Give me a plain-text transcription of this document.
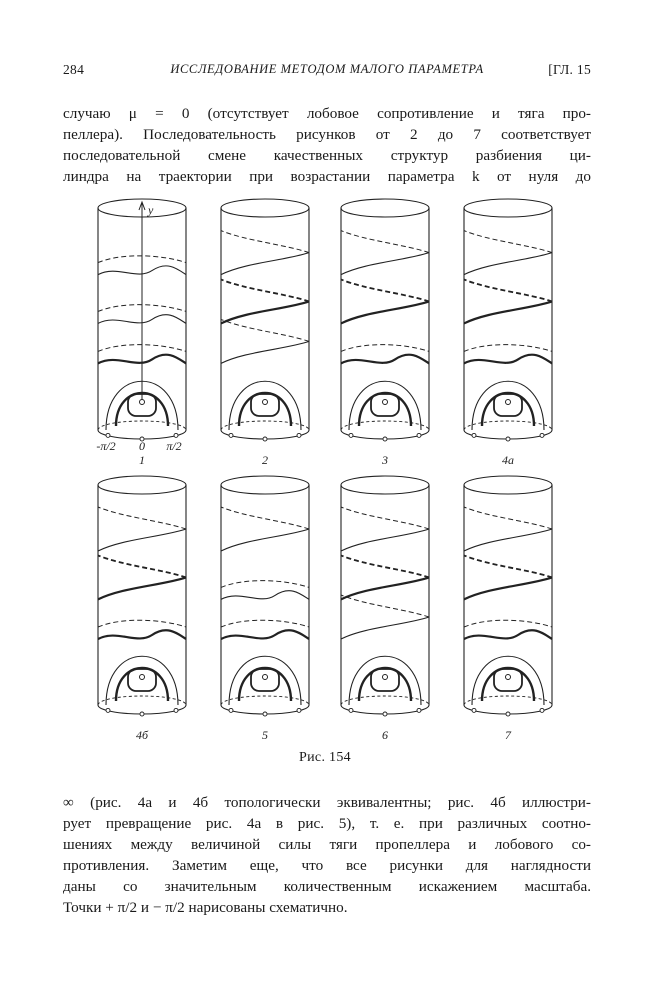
284	ИССЛЕДОВАНИЕ МЕТОДОМ МАЛОГО ПАРАМЕТРА	[ГЛ. 15
случаю μ = 0 (отсутствует лобовое сопротивление и тяга про-
пеллера). Последовательность рисунков от 2 до 7 соответствует
последовательной смене качественных структур разбиения ци-
линдра на траектории при возрастании параметра k от нуля до
1	2	3	4а
4б	5	6	7
y
-π/2 0 π/2
Рис. 154
∞ (рис. 4а и 4б топологически эквивалентны; рис. 4б иллюстри-
рует превращение рис. 4а в рис. 5), т. е. при различных соотно-
шениях между величиной силы тяги пропеллера и лобового со-
противления. Заметим еще, что все рисунки для наглядности
даны со значительным количественным искажением масштаба.
Точки + π/2 и − π/2 нарисованы схематично.
